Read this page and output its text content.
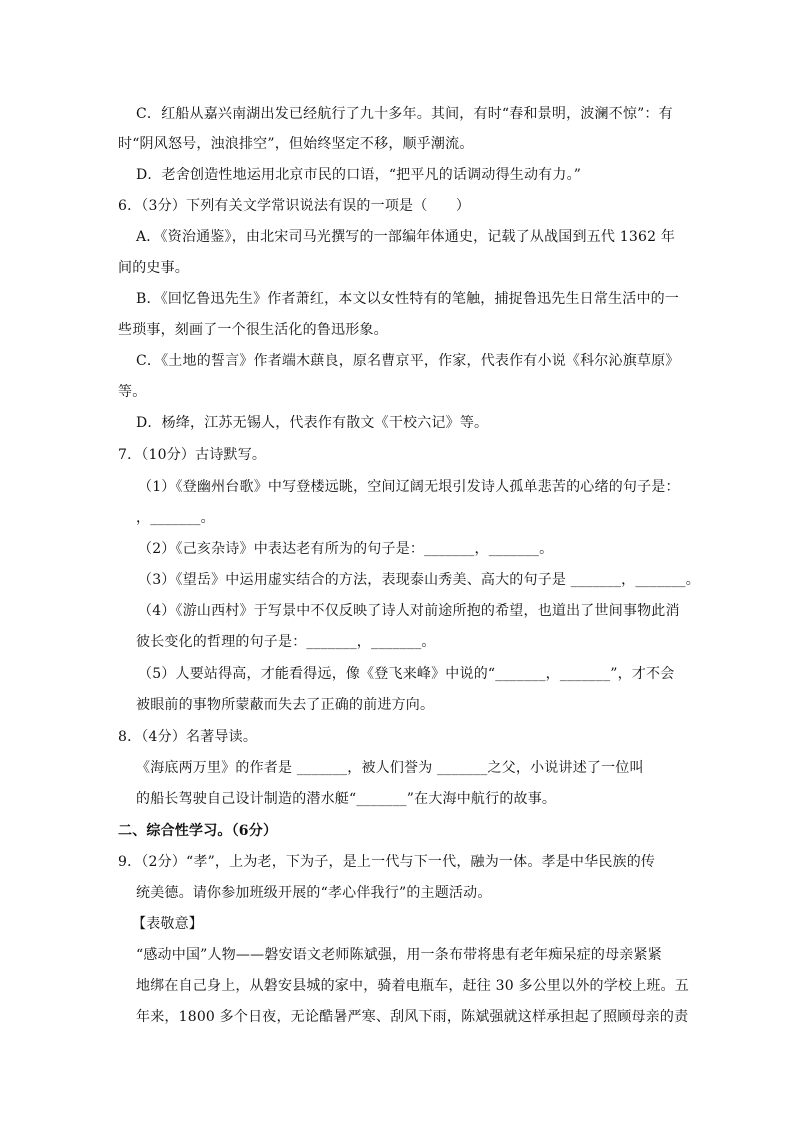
C．红船从嘉兴南湖出发已经航行了九十多年。其间，有时“春和景明，波澜不惊”：有
时“阴风怒号，浊浪排空”，但始终坚定不移，顺乎潮流。
D．老舍创造性地运用北京市民的口语，“把平凡的话调动得生动有力。”
6．（3分）下列有关文学常识说法有误的一项是（　　）
A．《资治通鉴》，由北宋司马光撰写的一部编年体通史，记载了从战国到五代 1362 年
间的史事。
B．《回忆鲁迅先生》作者萧红，本文以女性特有的笔触，捕捉鲁迅先生日常生活中的一
些琐事，刻画了一个很生活化的鲁迅形象。
C．《土地的誓言》作者端木蕻良，原名曹京平，作家，代表作有小说《科尔沁旗草原》
等。
D．杨绛，江苏无锡人，代表作有散文《干校六记》等。
7．（10分）古诗默写。
（1）《登幽州台歌》中写登楼远眺，空间辽阔无垠引发诗人孤单悲苦的心绪的句子是：
，_______。
（2）《己亥杂诗》中表达老有所为的句子是：_______，_______。
（3）《望岳》中运用虚实结合的方法，表现泰山秀美、高大的句子是 _______，_______。
（4）《游山西村》于写景中不仅反映了诗人对前途所抱的希望，也道出了世间事物此消
彼长变化的哲理的句子是：_______，_______。
（5）人要站得高，才能看得远，像《登飞来峰》中说的“_______，_______”，才不会
被眼前的事物所蒙蔽而失去了正确的前进方向。
8．（4分）名著导读。
《海底两万里》的作者是 _______，被人们誉为 _______之父，小说讲述了一位叫
的船长驾驶自己设计制造的潜水艇“_______”在大海中航行的故事。
二、综合性学习。（6分）
9．（2分）“孝”，上为老，下为子，是上一代与下一代，融为一体。孝是中华民族的传
统美德。请你参加班级开展的“孝心伴我行”的主题活动。
【表敬意】
“感动中国”人物——磐安语文老师陈斌强，用一条布带将患有老年痴呆症的母亲紧紧
地绑在自己身上，从磐安县城的家中，骑着电瓶车，赶往 30 多公里以外的学校上班。五
年来，1800 多个日夜，无论酷暑严寒、刮风下雨，陈斌强就这样承担起了照顾母亲的责
